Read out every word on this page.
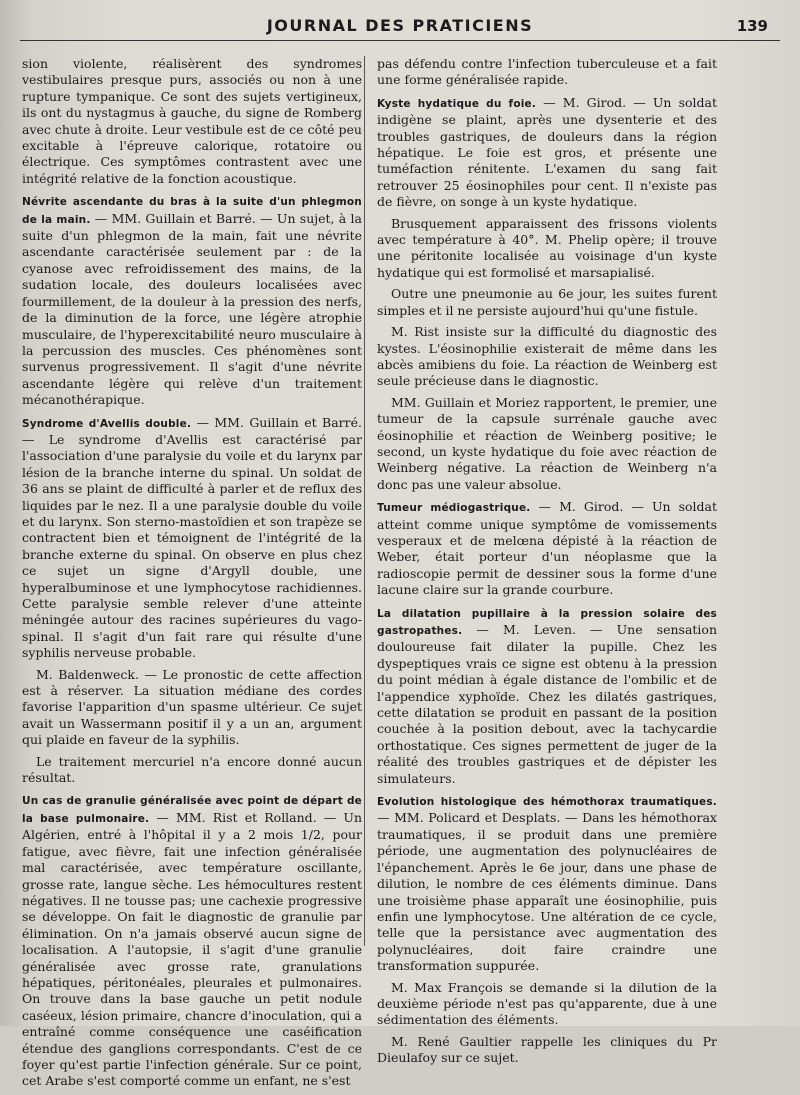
JOURNAL DES PRATICIENS	139

sion violente, réalisèrent des syndromes vestibulaires presque purs, associés ou non à une rupture tympanique. Ce sont des sujets vertigineux, ils ont du nystagmus à gauche, du signe de Romberg avec chute à droite. Leur vestibule est de ce côté peu excitable à l'épreuve calorique, rotatoire ou électrique. Ces symptômes contrastent avec une intégrité relative de la fonction acoustique.

Névrite ascendante du bras à la suite d'un phlegmon de la main. — MM. Guillain et Barré. — Un sujet, à la suite d'un phlegmon de la main, fait une névrite ascendante caractérisée seulement par : de la cyanose avec refroidissement des mains, de la sudation locale, des douleurs localisées avec fourmillement, de la douleur à la pression des nerfs, de la diminution de la force, une légère atrophie musculaire, de l'hyperexcitabilité neuro musculaire à la percussion des muscles. Ces phénomènes sont survenus progressivement. Il s'agit d'une névrite ascendante légère qui relève d'un traitement mécanothérapique.

Syndrome d'Avellis double. — MM. Guillain et Barré. — Le syndrome d'Avellis est caractérisé par l'association d'une paralysie du voile et du larynx par lésion de la branche interne du spinal. Un soldat de 36 ans se plaint de difficulté à parler et de reflux des liquides par le nez. Il a une paralysie double du voile et du larynx. Son sterno-mastoïdien et son trapèze se contractent bien et témoignent de l'intégrité de la branche externe du spinal. On observe en plus chez ce sujet un signe d'Argyll double, une hyperalbuminose et une lymphocytose rachidiennes. Cette paralysie semble relever d'une atteinte méningée autour des racines supérieures du vago-spinal. Il s'agit d'un fait rare qui résulte d'une syphilis nerveuse probable.

M. Baldenweck. — Le pronostic de cette affection est à réserver. La situation médiane des cordes favorise l'apparition d'un spasme ultérieur. Ce sujet avait un Wassermann positif il y a un an, argument qui plaide en faveur de la syphilis.

Le traitement mercuriel n'a encore donné aucun résultat.

Un cas de granulie généralisée avec point de départ de la base pulmonaire. — MM. Rist et Rolland. — Un Algérien, entré à l'hôpital il y a 2 mois 1/2, pour fatigue, avec fièvre, fait une infection généralisée mal caractérisée, avec température oscillante, grosse rate, langue sèche. Les hémocultures restent négatives. Il ne tousse pas; une cachexie progressive se développe. On fait le diagnostic de granulie par élimination. On n'a jamais observé aucun signe de localisation. A l'autopsie, il s'agit d'une granulie généralisée avec grosse rate, granulations hépatiques, péritonéales, pleurales et pulmonaires. On trouve dans la base gauche un petit nodule caséeux, lésion primaire, chancre d'inoculation, qui a entraîné comme conséquence une caséification étendue des ganglions correspondants. C'est de ce foyer qu'est partie l'infection générale. Sur ce point, cet Arabe s'est comporté comme un enfant, ne s'est

pas défendu contre l'infection tuberculeuse et a fait une forme généralisée rapide.

Kyste hydatique du foie. — M. Girod. — Un soldat indigène se plaint, après une dysenterie et des troubles gastriques, de douleurs dans la région hépatique. Le foie est gros, et présente une tuméfaction rénitente. L'examen du sang fait retrouver 25 éosinophiles pour cent. Il n'existe pas de fièvre, on songe à un kyste hydatique.

Brusquement apparaissent des frissons violents avec température à 40°. M. Phelip opère; il trouve une péritonite localisée au voisinage d'un kyste hydatique qui est formolisé et marsapialisé.

Outre une pneumonie au 6e jour, les suites furent simples et il ne persiste aujourd'hui qu'une fistule.

M. Rist insiste sur la difficulté du diagnostic des kystes. L'éosinophilie existerait de même dans les abcès amibiens du foie. La réaction de Weinberg est seule précieuse dans le diagnostic.

MM. Guillain et Moriez rapportent, le premier, une tumeur de la capsule surrénale gauche avec éosinophilie et réaction de Weinberg positive; le second, un kyste hydatique du foie avec réaction de Weinberg négative. La réaction de Weinberg n'a donc pas une valeur absolue.

Tumeur médiogastrique. — M. Girod. — Un soldat atteint comme unique symptôme de vomissements vesperaux et de melœna dépisté à la réaction de Weber, était porteur d'un néoplasme que la radioscopie permit de dessiner sous la forme d'une lacune claire sur la grande courbure.

La dilatation pupillaire à la pression solaire des gastropathes. — M. Leven. — Une sensation douloureuse fait dilater la pupille. Chez les dyspeptiques vrais ce signe est obtenu à la pression du point médian à égale distance de l'ombilic et de l'appendice xyphoïde. Chez les dilatés gastriques, cette dilatation se produit en passant de la position couchée à la position debout, avec la tachycardie orthostatique. Ces signes permettent de juger de la réalité des troubles gastriques et de dépister les simulateurs.

Evolution histologique des hémothorax traumatiques. — MM. Policard et Desplats. — Dans les hémothorax traumatiques, il se produit dans une première période, une augmentation des polynucléaires de l'épanchement. Après le 6e jour, dans une phase de dilution, le nombre de ces éléments diminue. Dans une troisième phase apparaît une éosinophilie, puis enfin une lymphocytose. Une altération de ce cycle, telle que la persistance avec augmentation des polynucléaires, doit faire craindre une transformation suppurée.

M. Max François se demande si la dilution de la deuxième période n'est pas qu'apparente, due à une sédimentation des éléments.

M. René Gaultier rappelle les cliniques du Pr Dieulafoy sur ce sujet.
